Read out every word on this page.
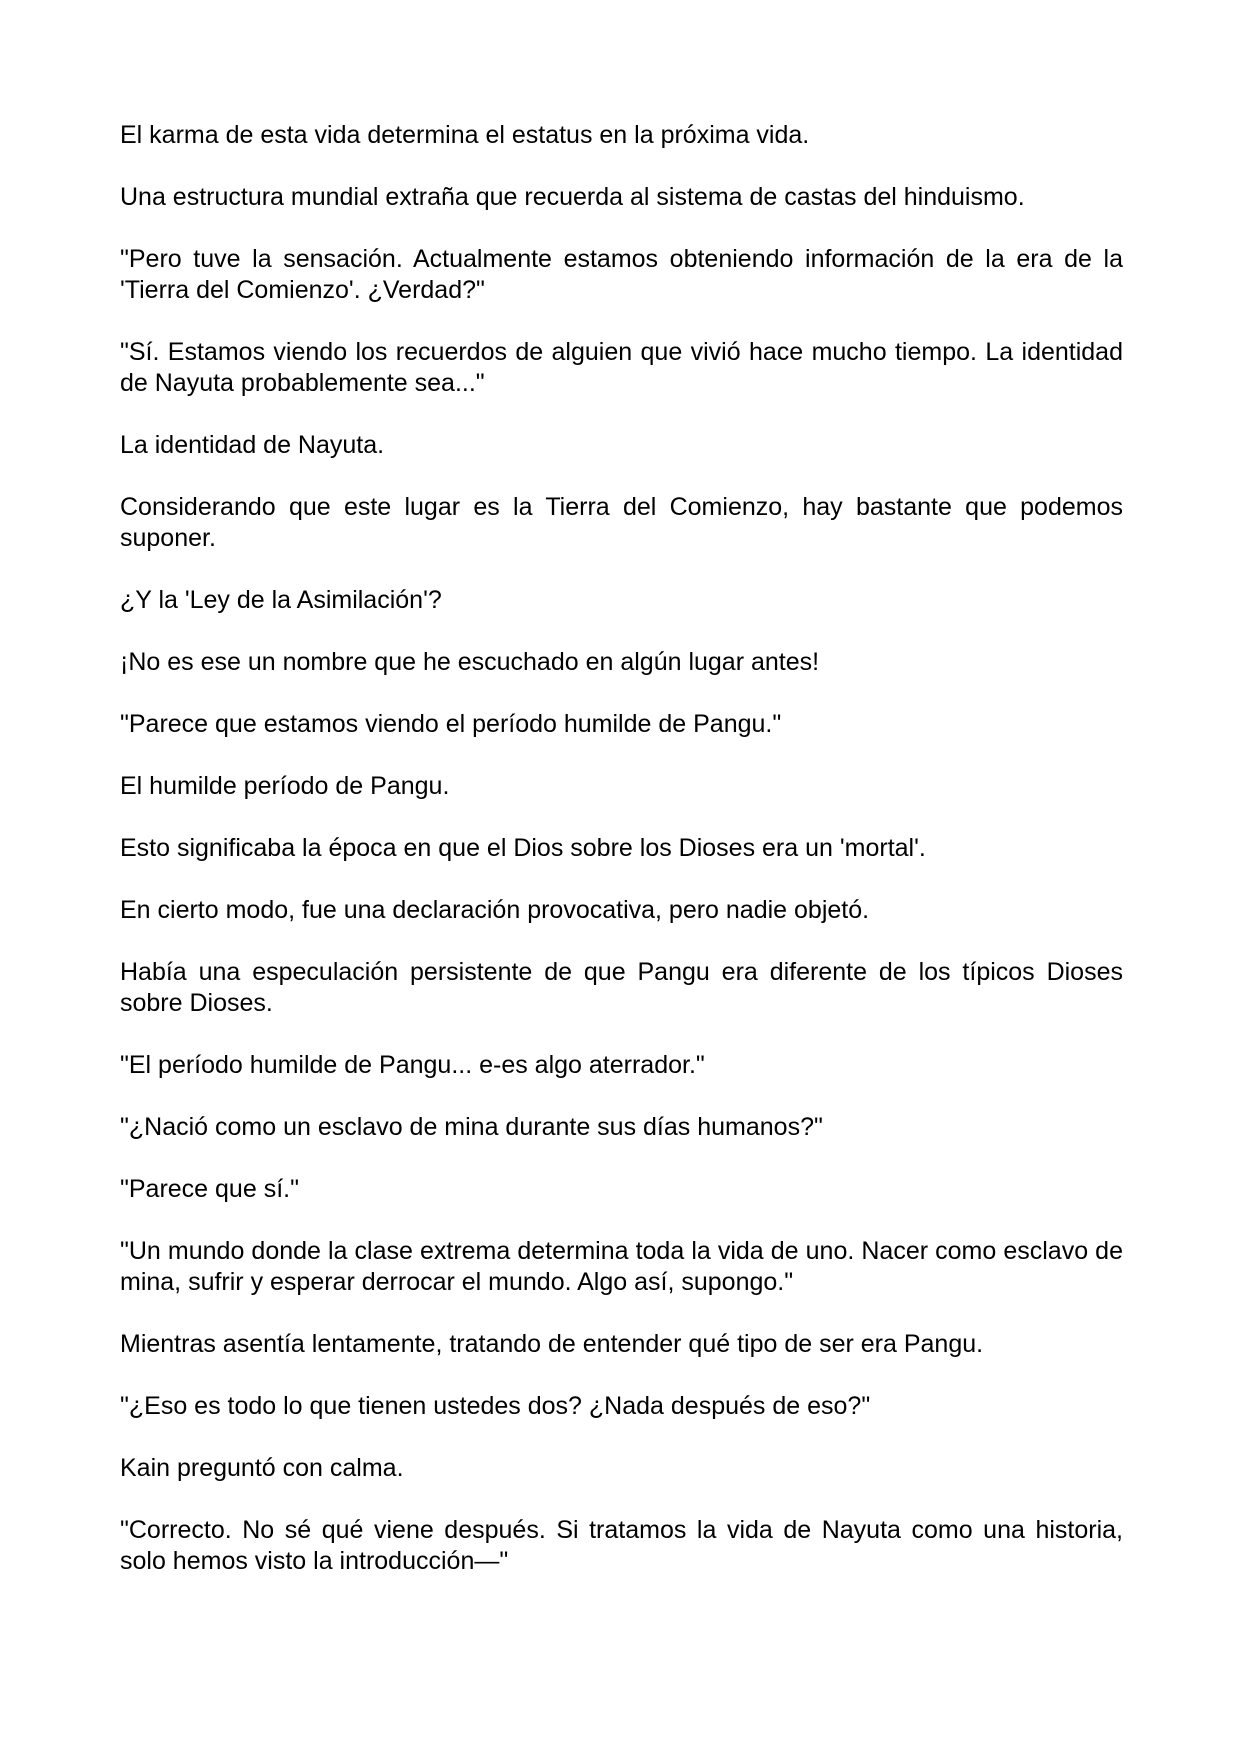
El karma de esta vida determina el estatus en la próxima vida.

Una estructura mundial extraña que recuerda al sistema de castas del hinduismo.

"Pero tuve la sensación. Actualmente estamos obteniendo información de la era de la 'Tierra del Comienzo'. ¿Verdad?"

"Sí. Estamos viendo los recuerdos de alguien que vivió hace mucho tiempo. La identidad de Nayuta probablemente sea..."

La identidad de Nayuta.

Considerando que este lugar es la Tierra del Comienzo, hay bastante que podemos suponer.

¿Y la 'Ley de la Asimilación'?

¡No es ese un nombre que he escuchado en algún lugar antes!

"Parece que estamos viendo el período humilde de Pangu."

El humilde período de Pangu.

Esto significaba la época en que el Dios sobre los Dioses era un 'mortal'.

En cierto modo, fue una declaración provocativa, pero nadie objetó.

Había una especulación persistente de que Pangu era diferente de los típicos Dioses sobre Dioses.

"El período humilde de Pangu... e-es algo aterrador."

"¿Nació como un esclavo de mina durante sus días humanos?"

"Parece que sí."

"Un mundo donde la clase extrema determina toda la vida de uno. Nacer como esclavo de mina, sufrir y esperar derrocar el mundo. Algo así, supongo."

Mientras asentía lentamente, tratando de entender qué tipo de ser era Pangu.

"¿Eso es todo lo que tienen ustedes dos? ¿Nada después de eso?"

Kain preguntó con calma.

"Correcto. No sé qué viene después. Si tratamos la vida de Nayuta como una historia, solo hemos visto la introducción—"
